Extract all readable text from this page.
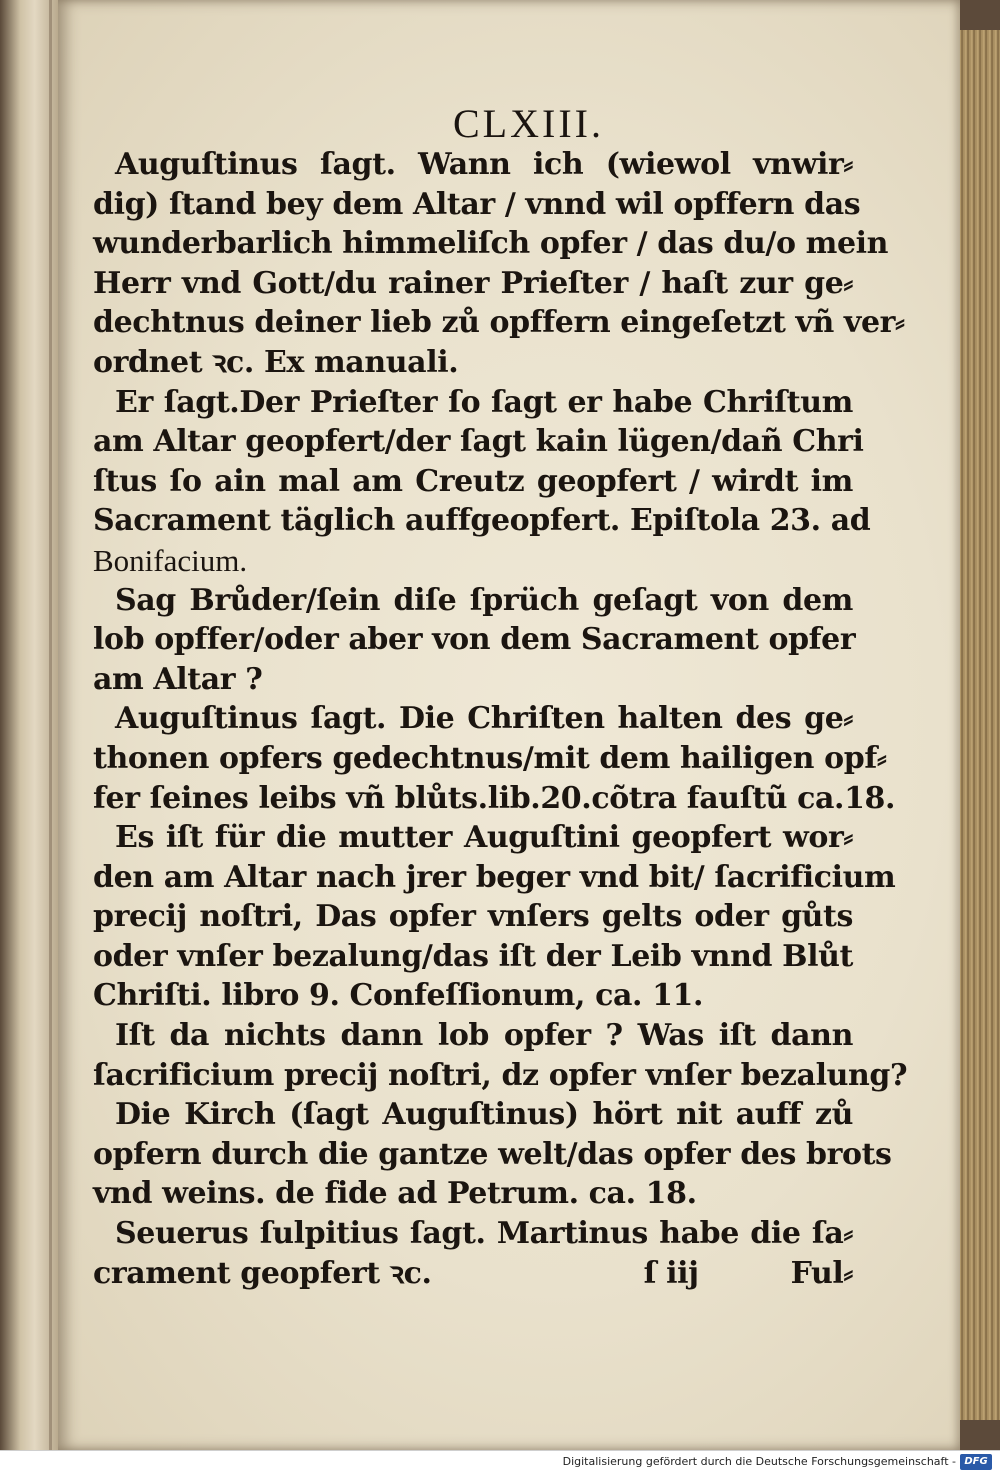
CLXIII.
Auguſtinus ſagt. Wann ich (wiewol vnwir⸗
dig) ſtand bey dem Altar / vnnd wil opffern das
wunderbarlich himmeliſch opfer / das du/o mein
Herr vnd Gott/du rainer Prieſter / haſt zur ge⸗
dechtnus deiner lieb zů opffern eingeſetzt vñ ver⸗
ordnet ꝛc. Ex manuali.
Er ſagt.Der Prieſter ſo ſagt er habe Chriſtum
am Altar geopfert/der ſagt kain lügen/dañ Chri
ſtus ſo ain mal am Creutz geopfert / wirdt im
Sacrament täglich auffgeopfert. Epiſtola 23. ad
Bonifacium.
Sag Brůder/ſein diſe ſprüch geſagt von dem
lob opffer/oder aber von dem Sacrament opfer
am Altar ?
Auguſtinus ſagt. Die Chriſten halten des ge⸗
thonen opfers gedechtnus/mit dem hailigen opf⸗
fer ſeines leibs vñ blůts.lib.20.cõtra fauſtũ ca.18.
Es iſt für die mutter Auguſtini geopfert wor⸗
den am Altar nach jrer beger vnd bit/ ſacrificium
precij noſtri, Das opfer vnſers gelts oder gůts
oder vnſer bezalung/das iſt der Leib vnnd Blůt
Chriſti. libro 9. Confeſſionum, ca. 11.
Iſt da nichts dann lob opfer ? Was iſt dann
ſacrificium precij noſtri, dz opfer vnſer bezalung?
Die Kirch (ſagt Auguſtinus) hört nit auff zů
opfern durch die gantze welt/das opfer des brots
vnd weins. de fide ad Petrum. ca. 18.
Seuerus ſulpitius ſagt. Martinus habe die ſa⸗
crament geopfert ꝛc.	ſ iij	Ful⸗
Digitalisierung gefördert durch die Deutsche Forschungsgemeinschaft - DFG
